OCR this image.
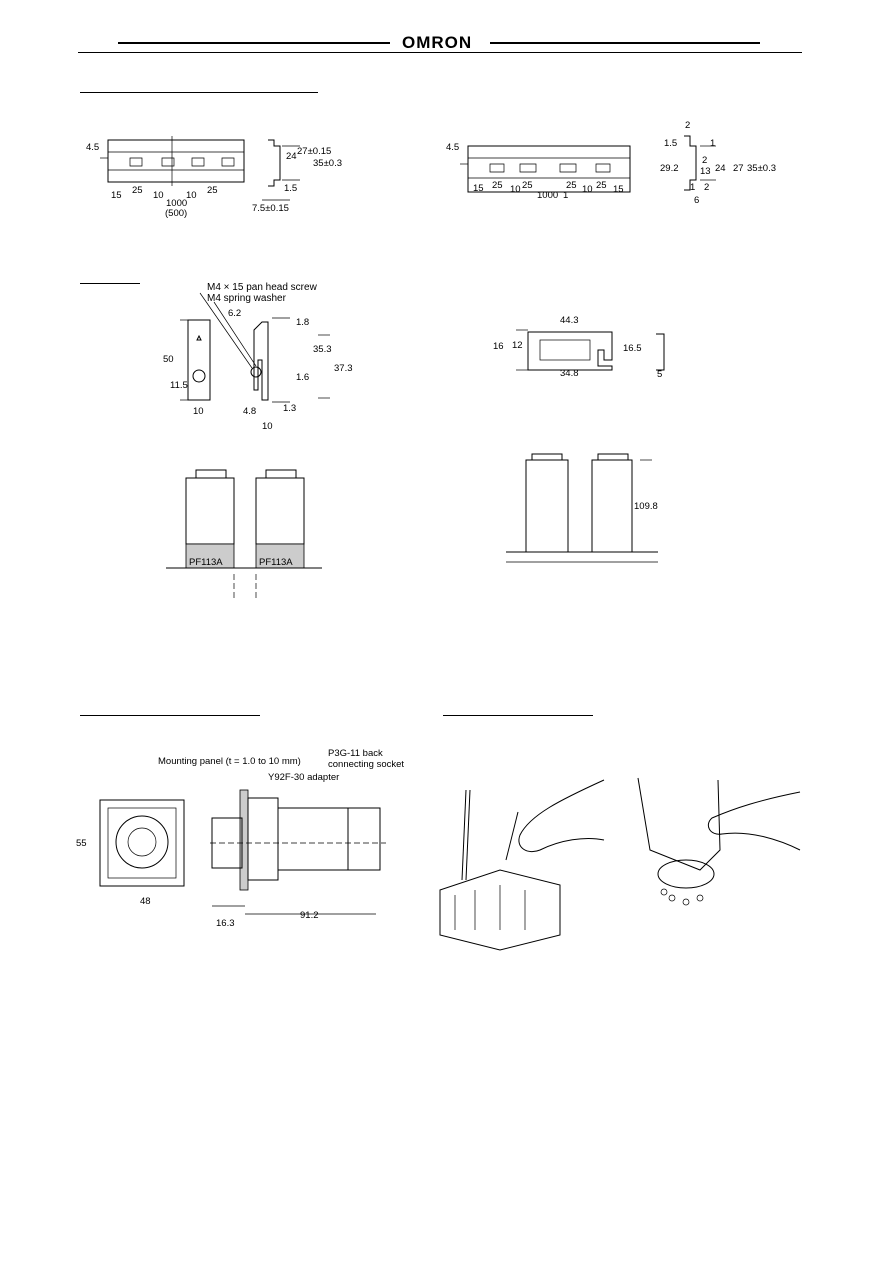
OMRON
4.5	27±0.15
24
35±0.3
15 25 10	25
10
1000
(500)
1.5
7.5±0.15
4.5
15 25 10 25	25 10 25 15
1000 1
2
1.5	1
29.2
2
13 24 27 35±0.3
2
6
1
M4 × 15 pan head screw
M4 spring washer
6.2
1.8
50
35.3
37.3
11.5
1.6
10	4.8	1.3
10
44.3
16 12	16.5
34.8	5
PF113A	PF113A
109.8
Mounting panel (t = 1.0 to 10 mm)
P3G-11 back
connecting socket
Y92F-30 adapter
55
48
16.3
91.2
